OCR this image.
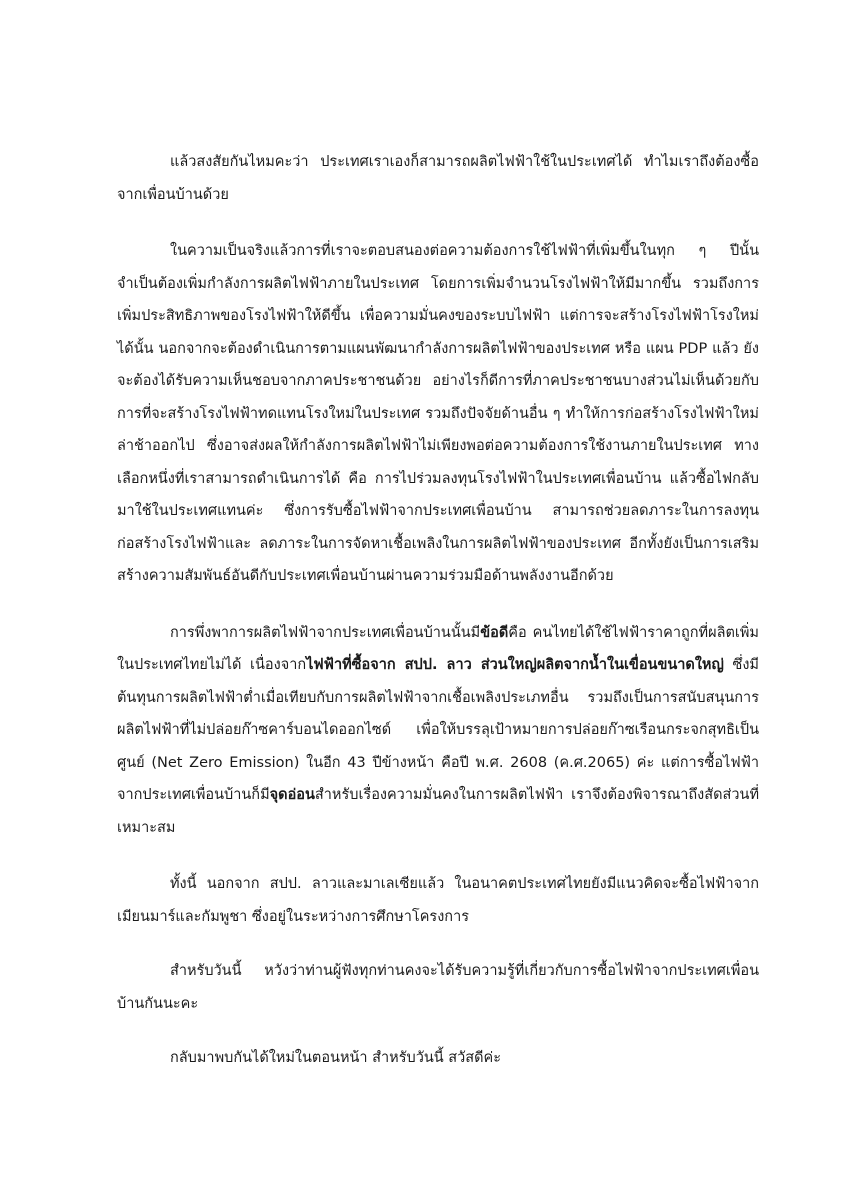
แล้วสงสัยกันไหมคะว่า ประเทศเราเองก็สามารถผลิตไฟฟ้าใช้ในประเทศได้ ทำไมเราถึงต้องซื้อจากเพื่อนบ้านด้วย

ในความเป็นจริงแล้วการที่เราจะตอบสนองต่อความต้องการใช้ไฟฟ้าที่เพิ่มขึ้นในทุก ๆ ปีนั้น จำเป็นต้องเพิ่มกำลังการผลิตไฟฟ้าภายในประเทศ โดยการเพิ่มจำนวนโรงไฟฟ้าให้มีมากขึ้น รวมถึงการเพิ่มประสิทธิภาพของโรงไฟฟ้าให้ดีขึ้น เพื่อความมั่นคงของระบบไฟฟ้า แต่การจะสร้างโรงไฟฟ้าโรงใหม่ได้นั้น นอกจากจะต้องดำเนินการตามแผนพัฒนากำลังการผลิตไฟฟ้าของประเทศ หรือ แผน PDP แล้ว ยังจะต้องได้รับความเห็นชอบจากภาคประชาชนด้วย อย่างไรก็ดีการที่ภาคประชาชนบางส่วนไม่เห็นด้วยกับการที่จะสร้างโรงไฟฟ้าทดแทนโรงใหม่ในประเทศ รวมถึงปัจจัยด้านอื่น ๆ ทำให้การก่อสร้างโรงไฟฟ้าใหม่ล่าช้าออกไป ซึ่งอาจส่งผลให้กำลังการผลิตไฟฟ้าไม่เพียงพอต่อความต้องการใช้งานภายในประเทศ ทางเลือกหนึ่งที่เราสามารถดำเนินการได้ คือ การไปร่วมลงทุนโรงไฟฟ้าในประเทศเพื่อนบ้าน แล้วซื้อไฟกลับมาใช้ในประเทศแทนค่ะ ซึ่งการรับซื้อไฟฟ้าจากประเทศเพื่อนบ้าน สามารถช่วยลดภาระในการลงทุนก่อสร้างโรงไฟฟ้าและ ลดภาระในการจัดหาเชื้อเพลิงในการผลิตไฟฟ้าของประเทศ อีกทั้งยังเป็นการเสริมสร้างความสัมพันธ์อันดีกับประเทศเพื่อนบ้านผ่านความร่วมมือด้านพลังงานอีกด้วย

การพึ่งพาการผลิตไฟฟ้าจากประเทศเพื่อนบ้านนั้นมีข้อดีคือ คนไทยได้ใช้ไฟฟ้าราคาถูกที่ผลิตเพิ่มในประเทศไทยไม่ได้ เนื่องจากไฟฟ้าที่ซื้อจาก สปป. ลาว ส่วนใหญ่ผลิตจากน้ำในเขื่อนขนาดใหญ่ ซึ่งมีต้นทุนการผลิตไฟฟ้าต่ำเมื่อเทียบกับการผลิตไฟฟ้าจากเชื้อเพลิงประเภทอื่น รวมถึงเป็นการสนับสนุนการผลิตไฟฟ้าที่ไม่ปล่อยก๊าซคาร์บอนไดออกไซด์ เพื่อให้บรรลุเป้าหมายการปล่อยก๊าซเรือนกระจกสุทธิเป็นศูนย์ (Net Zero Emission) ในอีก 43 ปีข้างหน้า คือปี พ.ศ. 2608 (ค.ศ.2065) ค่ะ แต่การซื้อไฟฟ้าจากประเทศเพื่อนบ้านก็มีจุดอ่อนสำหรับเรื่องความมั่นคงในการผลิตไฟฟ้า เราจึงต้องพิจารณาถึงสัดส่วนที่เหมาะสม

ทั้งนี้ นอกจาก สปป. ลาวและมาเลเซียแล้ว ในอนาคตประเทศไทยยังมีแนวคิดจะซื้อไฟฟ้าจากเมียนมาร์และกัมพูชา ซึ่งอยู่ในระหว่างการศึกษาโครงการ

สำหรับวันนี้ หวังว่าท่านผู้ฟังทุกท่านคงจะได้รับความรู้ที่เกี่ยวกับการซื้อไฟฟ้าจากประเทศเพื่อนบ้านกันนะคะ

กลับมาพบกันได้ใหม่ในตอนหน้า สำหรับวันนี้ สวัสดีค่ะ
